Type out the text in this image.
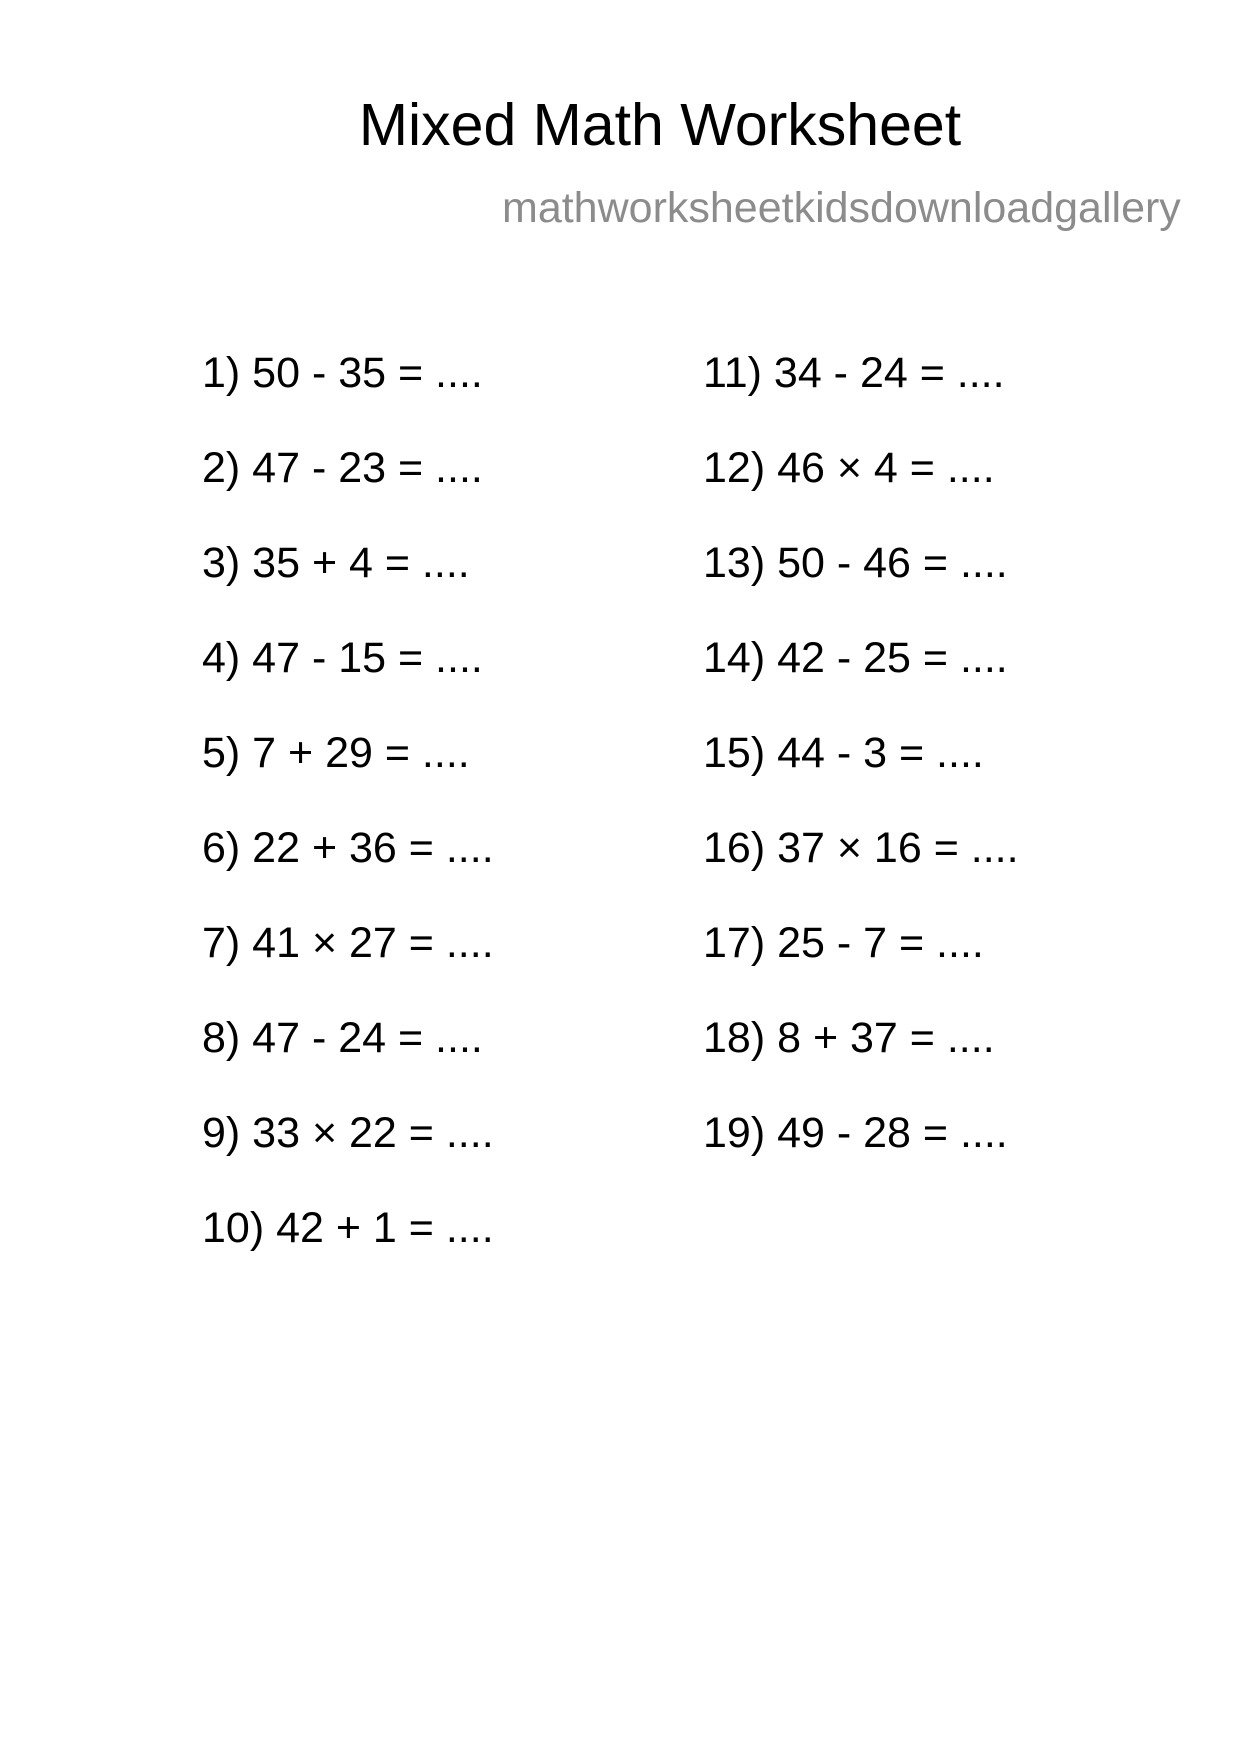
Mixed Math Worksheet
mathworksheetkidsdownloadgallery
1) 50 - 35 = ....
2) 47 - 23 = ....
3) 35 + 4 = ....
4) 47 - 15 = ....
5) 7 + 29 = ....
6) 22 + 36 = ....
7) 41 × 27 = ....
8) 47 - 24 = ....
9) 33 × 22 = ....
10) 42 + 1 = ....
11) 34 - 24 = ....
12) 46 × 4 = ....
13) 50 - 46 = ....
14) 42 - 25 = ....
15) 44 - 3 = ....
16) 37 × 16 = ....
17) 25 - 7 = ....
18) 8 + 37 = ....
19) 49 - 28 = ....
